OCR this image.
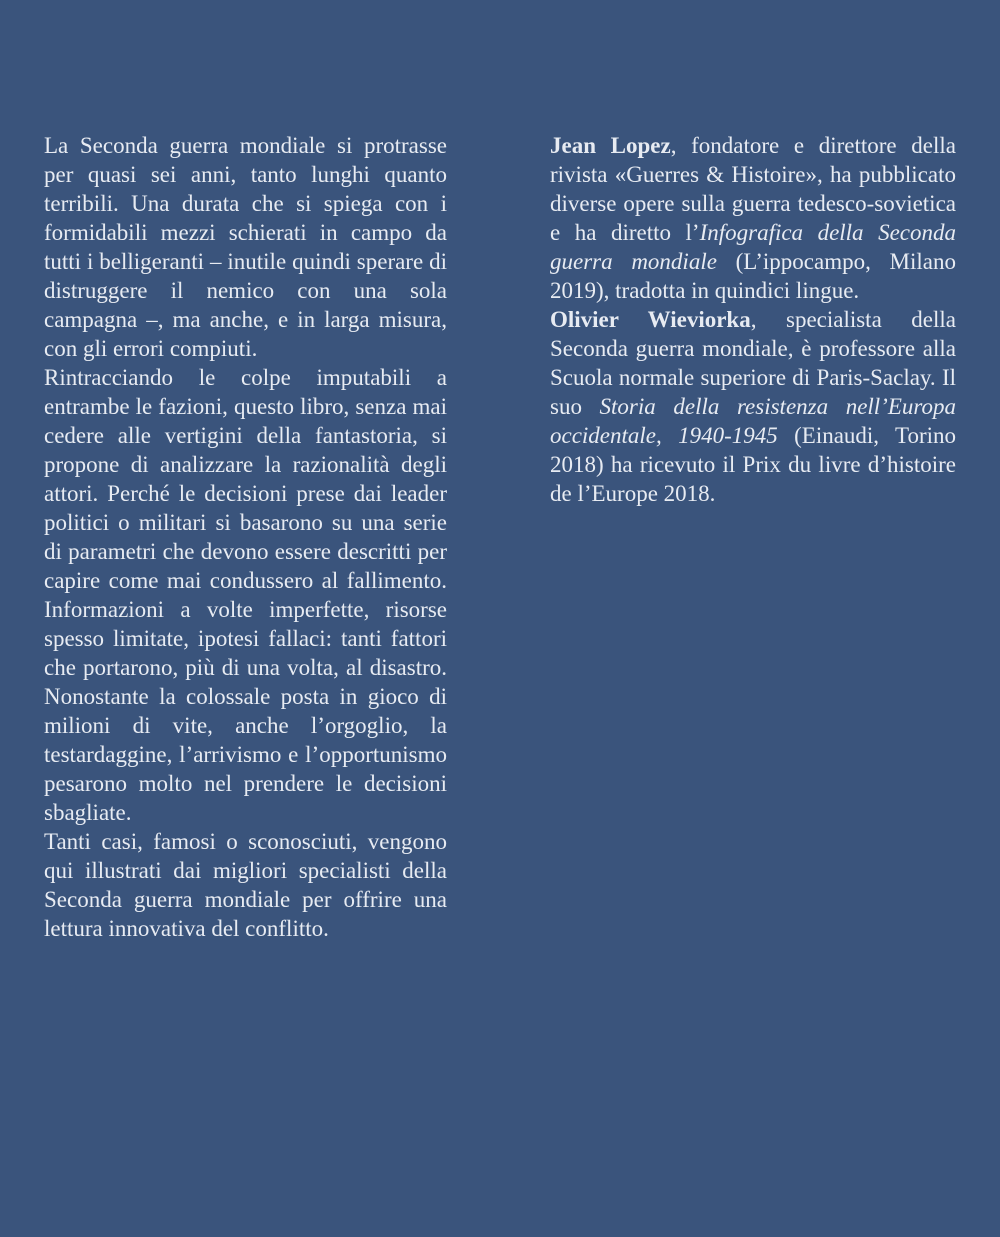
La Seconda guerra mondiale si protrasse per quasi sei anni, tanto lunghi quanto terribili. Una durata che si spiega con i formidabili mezzi schierati in campo da tutti i belligeranti – inutile quindi sperare di distruggere il nemico con una sola campagna –, ma anche, e in larga misura, con gli errori compiuti.

Rintracciando le colpe imputabili a entrambe le fazioni, questo libro, senza mai cedere alle vertigini della fantastoria, si propone di analizzare la razionalità degli attori. Perché le decisioni prese dai leader politici o militari si basarono su una serie di parametri che devono essere descritti per capire come mai condussero al fallimento. Informazioni a volte imperfette, risorse spesso limitate, ipotesi fallaci: tanti fattori che portarono, più di una volta, al disastro. Nonostante la colossale posta in gioco di milioni di vite, anche l’orgoglio, la testardaggine, l’arrivismo e l’opportunismo pesarono molto nel prendere le decisioni sbagliate.

Tanti casi, famosi o sconosciuti, vengono qui illustrati dai migliori specialisti della Seconda guerra mondiale per offrire una lettura innovativa del conflitto.

Jean Lopez, fondatore e direttore della rivista «Guerres & Histoire», ha pubblicato diverse opere sulla guerra tedesco-sovietica e ha diretto l’Infografica della Seconda guerra mondiale (L’ippocampo, Milano 2019), tradotta in quindici lingue.

Olivier Wieviorka, specialista della Seconda guerra mondiale, è professore alla Scuola normale superiore di Paris-Saclay. Il suo Storia della resistenza nell’Europa occidentale, 1940-1945 (Einaudi, Torino 2018) ha ricevuto il Prix du livre d’histoire de l’Europe 2018.
